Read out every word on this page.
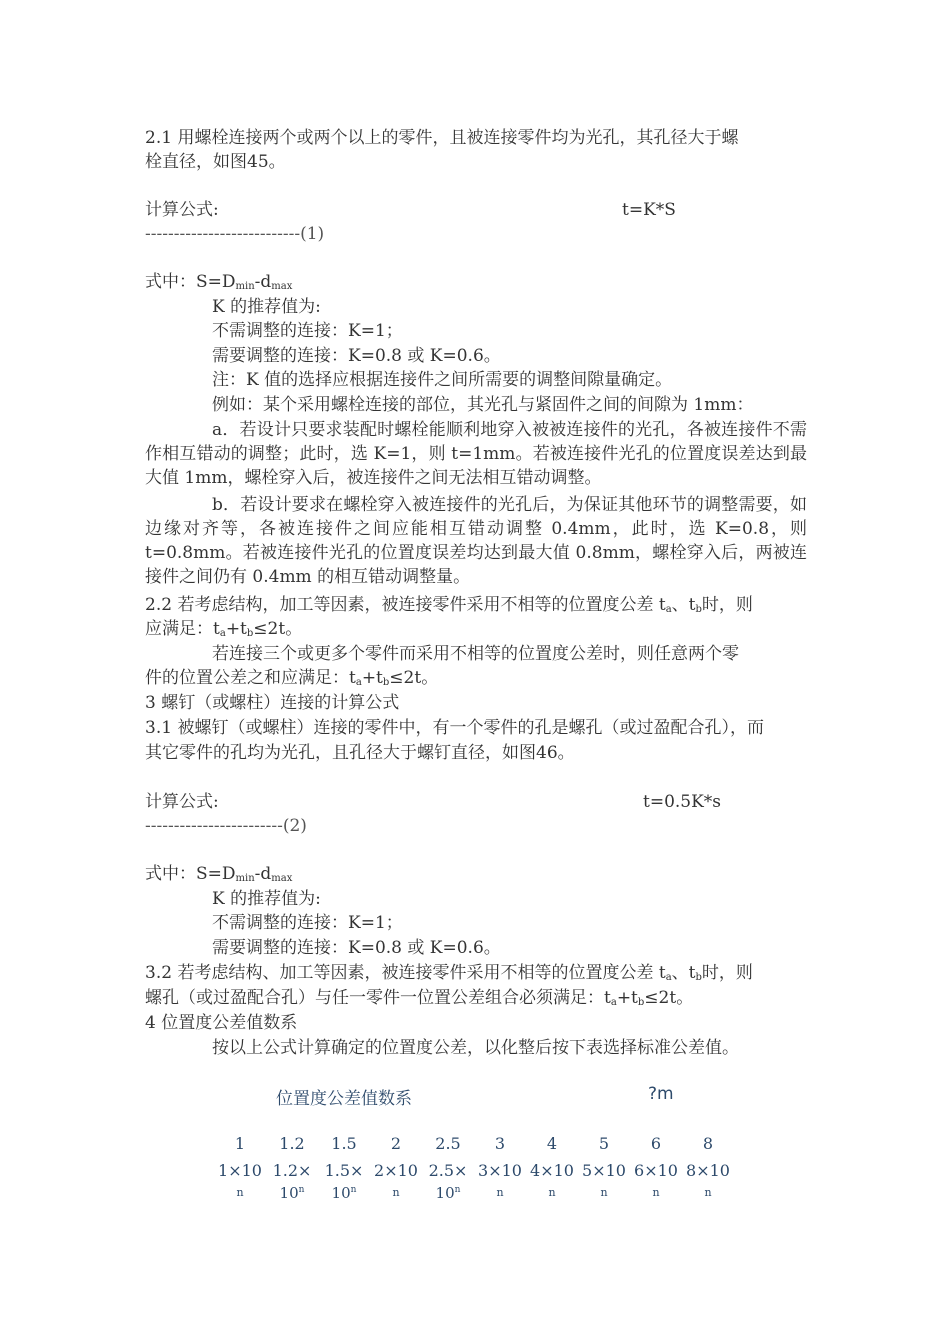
2.1 用螺栓连接两个或两个以上的零件，且被连接零件均为光孔，其孔径大于螺
栓直径，如图45。
计算公式:	t=K*S
---------------------------(1)
式中：$S=D_{min}-d_{max}$
K 的推荐值为:
不需调整的连接：K=1；
需要调整的连接：K=0.8 或 K=0.6。
注：K 值的选择应根据连接件之间所需要的调整间隙量确定。
例如：某个采用螺栓连接的部位，其光孔与紧固件之间的间隙为 1mm：
a．若设计只要求装配时螺栓能顺利地穿入被被连接件的光孔，各被连接件不需作相互错动的调整；此时，选 K=1，则 t=1mm。若被连接件光孔的位置度误差达到最大值 1mm，螺栓穿入后，被连接件之间无法相互错动调整。
b．若设计要求在螺栓穿入被连接件的光孔后，为保证其他环节的调整需要，如边缘对齐等，各被连接件之间应能相互错动调整 0.4mm，此时，选 K=0.8，则 t=0.8mm。若被连接件光孔的位置度误差均达到最大值 0.8mm，螺栓穿入后，两被连接件之间仍有 0.4mm 的相互错动调整量。
2.2 若考虑结构，加工等因素，被连接零件采用不相等的位置度公差 $t_a$、$t_b$时，则
应满足：$t_a+t_b\le 2t$。
若连接三个或更多个零件而采用不相等的位置度公差时，则任意两个零
件的位置公差之和应满足：$t_a+t_b\le 2t$。
3 螺钉（或螺柱）连接的计算公式
3.1 被螺钉（或螺柱）连接的零件中，有一个零件的孔是螺孔（或过盈配合孔），而
其它零件的孔均为光孔，且孔径大于螺钉直径，如图46。
计算公式:	t=0.5K*s
------------------------(2)
式中：$S=D_{min}-d_{max}$
K 的推荐值为:
不需调整的连接：K=1；
需要调整的连接：K=0.8 或 K=0.6。
3.2 若考虑结构、加工等因素，被连接零件采用不相等的位置度公差 $t_a$、$t_b$时，则
螺孔（或过盈配合孔）与任一零件一位置公差组合必须满足：$t_a+t_b\le 2t$。
4 位置度公差值数系
按以上公式计算确定的位置度公差，以化整后按下表选择标准公差值。
位置度公差值数系	?m
1	1.2	1.5	2	2.5	3	4	5	6	8
1×10	1.2×	1.5×	2×10	2.5×	3×10	4×10	5×10	6×10	8×10
n	10$^n$	10$^n$	n	10$^n$	n	n	n	n	n
